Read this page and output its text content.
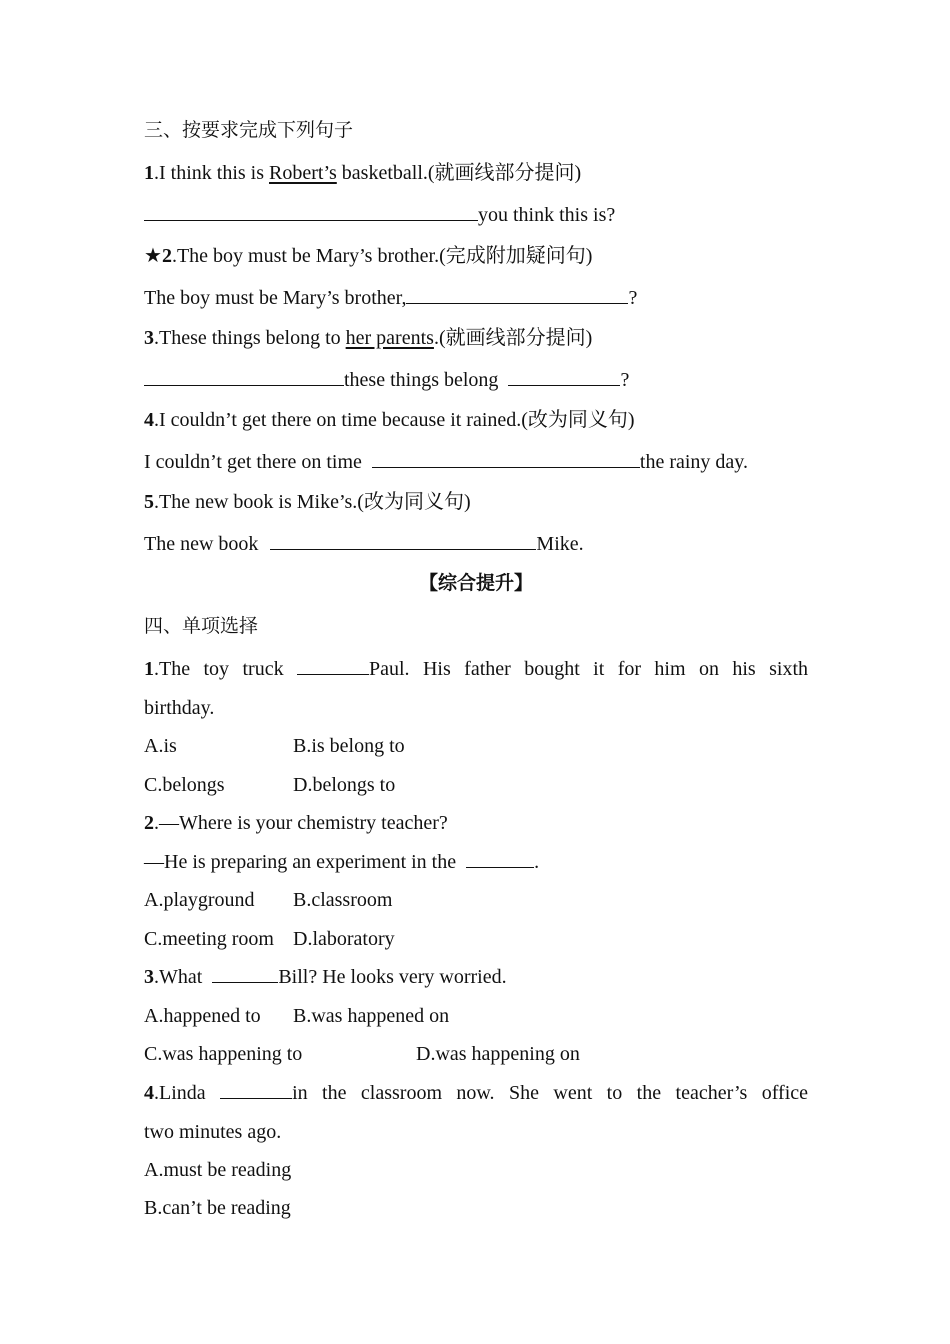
三、按要求完成下列句子
1.I think this is Robert’s basketball.(就画线部分提问)
you think this is?
★2.The boy must be Mary’s brother.(完成附加疑问句)
The boy must be Mary’s brother,	?
3.These things belong to her parents.(就画线部分提问)
these things belong	?
4.I couldn’t get there on time because it rained.(改为同义句)
I couldn’t get there on time	the rainy day.
5.The new book is Mike’s.(改为同义句)
The new book	Mike.
【综合提升】
四、单项选择
1.The toy truck	Paul. His father bought it for him on his sixth
birthday.
A.is	B.is belong to
C.belongs	D.belongs to
2.—Where is your chemistry teacher?
—He is preparing an experiment in the	.
A.playground B.classroom
C.meeting room D.laboratory
3.What	Bill? He looks very worried.
A.happened to B.was happened on
C.was happening to	D.was happening on
4.Linda	in the classroom now. She went to the teacher’s office
two minutes ago.
A.must be reading
B.can’t be reading
